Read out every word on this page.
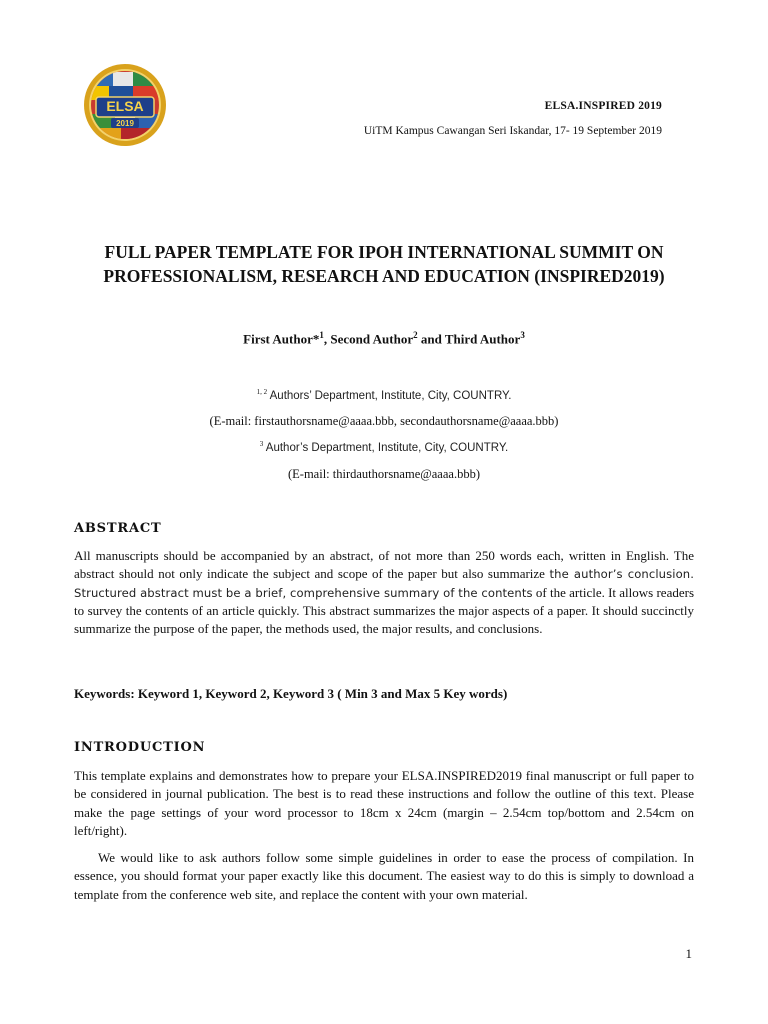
ELSA
2019
ELSA.INSPIRED 2019
UiTM Kampus Cawangan Seri Iskandar, 17- 19 September 2019
FULL PAPER TEMPLATE FOR IPOH INTERNATIONAL SUMMIT ON
PROFESSIONALISM, RESEARCH AND EDUCATION (INSPIRED2019)
First Author*$^1$, Second Author$^2$ and Third Author$^3$
$^{1, 2}$ Authors’ Department, Institute, City, COUNTRY.
(E-mail: firstauthorsname@aaaa.bbb, secondauthorsname@aaaa.bbb)
$^3$ Author’s Department, Institute, City, COUNTRY.
(E-mail: thirdauthorsname@aaaa.bbb)
ABSTRACT
All manuscripts should be accompanied by an abstract, of not more than 250 words each, written in English. The abstract should not only indicate the subject and scope of the paper but also summarize the author’s conclusion. Structured abstract must be a brief, comprehensive summary of the contents of the article. It allows readers to survey the contents of an article quickly. This abstract summarizes the major aspects of a paper. It should succinctly summarize the purpose of the paper, the methods used, the major results, and conclusions.
Keywords: Keyword 1, Keyword 2, Keyword 3 ( Min 3 and Max 5 Key words)
INTRODUCTION
This template explains and demonstrates how to prepare your ELSA.INSPIRED2019 final manuscript or full paper to be considered in journal publication. The best is to read these instructions and follow the outline of this text. Please make the page settings of your word processor to 18cm x 24cm (margin – 2.54cm top/bottom and 2.54cm on left/right).
We would like to ask authors follow some simple guidelines in order to ease the process of compilation. In essence, you should format your paper exactly like this document. The easiest way to do this is simply to download a template from the conference web site, and replace the content with your own material.
1
